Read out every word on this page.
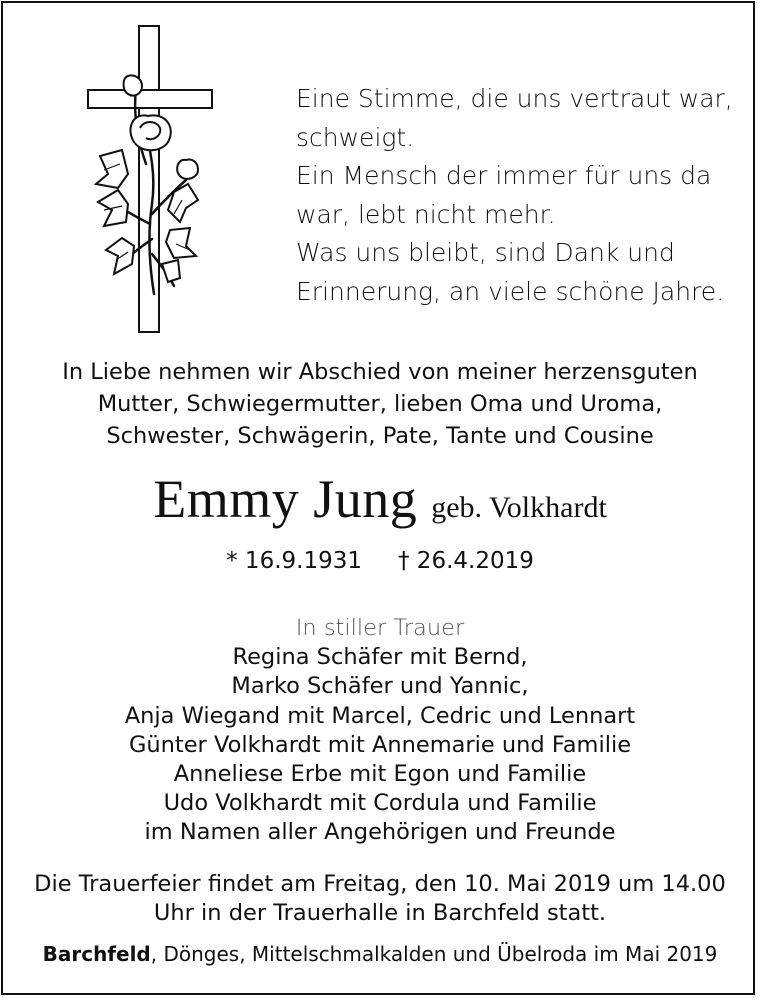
Eine Stimme, die uns vertraut war,
schweigt.
Ein Mensch der immer für uns da
war, lebt nicht mehr.
Was uns bleibt, sind Dank und
Erinnerung, an viele schöne Jahre.
In Liebe nehmen wir Abschied von meiner herzensguten
Mutter, Schwiegermutter, lieben Oma und Uroma,
Schwester, Schwägerin, Pate, Tante und Cousine
Emmy Jung geb. Volkhardt
* 16.9.1931 † 26.4.2019
In stiller Trauer
Regina Schäfer mit Bernd,
Marko Schäfer und Yannic,
Anja Wiegand mit Marcel, Cedric und Lennart
Günter Volkhardt mit Annemarie und Familie
Anneliese Erbe mit Egon und Familie
Udo Volkhardt mit Cordula und Familie
im Namen aller Angehörigen und Freunde
Die Trauerfeier findet am Freitag, den 10. Mai 2019 um 14.00
Uhr in der Trauerhalle in Barchfeld statt.
Barchfeld, Dönges, Mittelschmalkalden und Übelroda im Mai 2019
